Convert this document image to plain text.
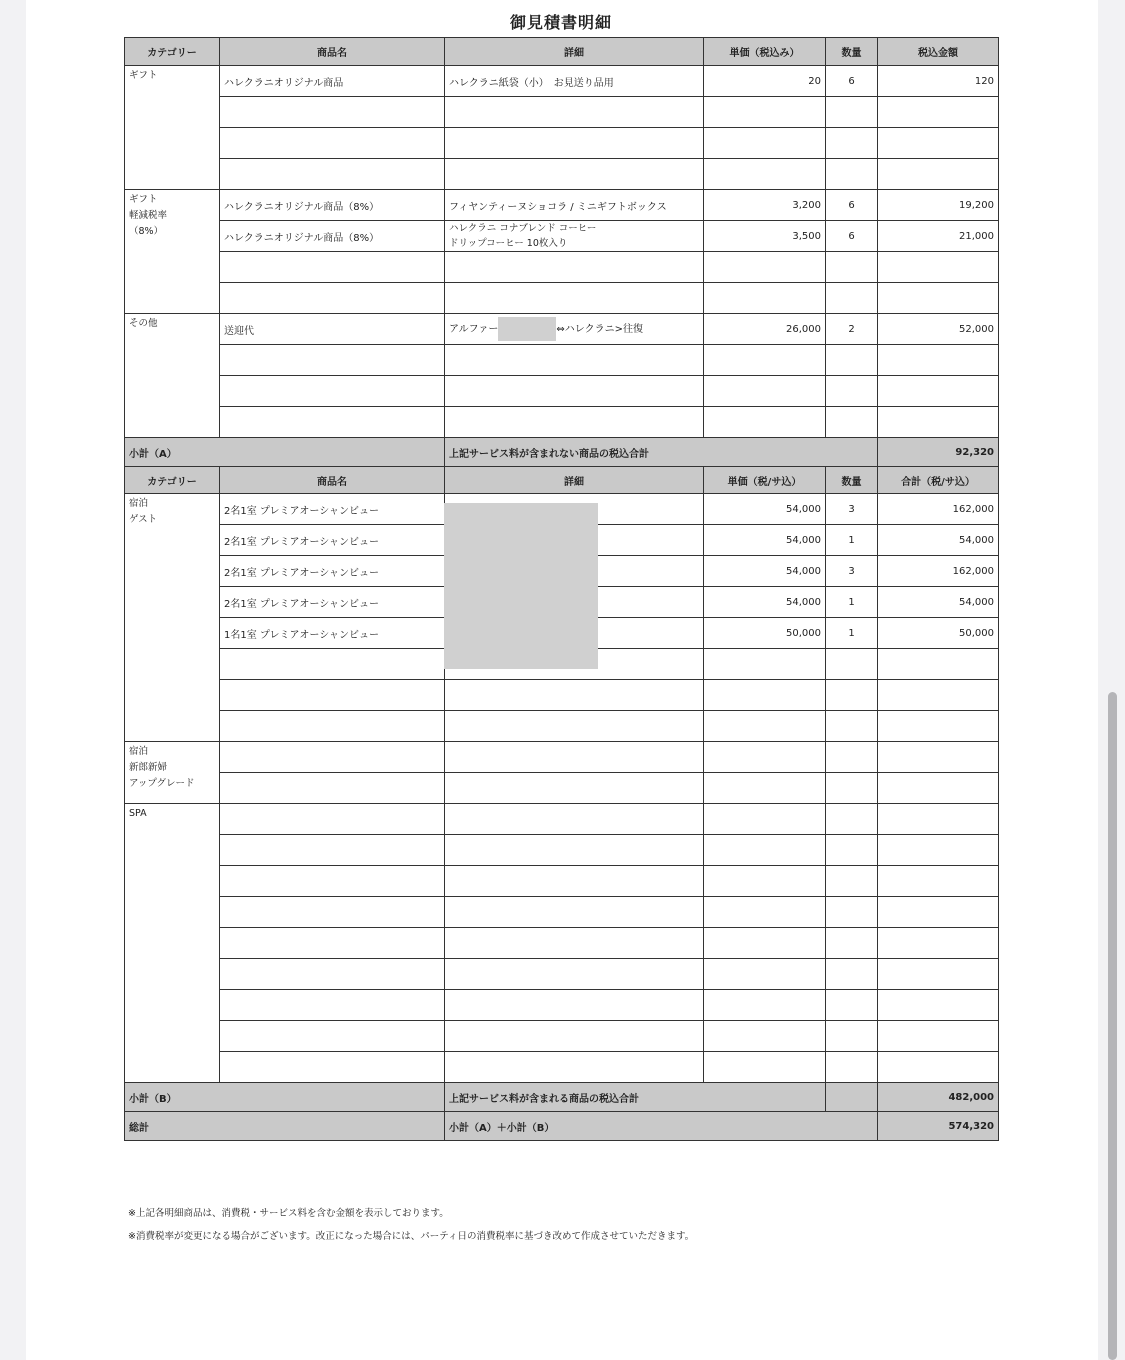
御見積書明細
カテゴリー	商品名	詳細	単価（税込み）	数量	税込金額
ギフト	ハレクラニオリジナル商品	ハレクラニ紙袋（小）　お見送り品用	20	6	120

ギフト
軽減税率
（8%）	ハレクラニオリジナル商品（8%）	フィヤンティーヌショコラ / ミニギフトボックス	3,200	6	19,200
	ハレクラニオリジナル商品（8%）	ハレクラニ コナブレンド コーヒー
ドリップコーヒー 10枚入り	3,500	6	21,000

その他	送迎代	アルファー ⇔ハレクラニ>往復	26,000	2	52,000

小計（A）		上記サービス料が含まれない商品の税込合計			92,320
カテゴリー	商品名	詳細	単価（税/サ込）	数量	合計（税/サ込）
宿泊
ゲスト	2名1室 プレミアオーシャンビュー		54,000	3	162,000
	2名1室 プレミアオーシャンビュー		54,000	1	54,000
	2名1室 プレミアオーシャンビュー		54,000	3	162,000
	2名1室 プレミアオーシャンビュー		54,000	1	54,000
	1名1室 プレミアオーシャンビュー		50,000	1	50,000

宿泊
新郎新婦
アップグレード					

SPA					

小計（B）		上記サービス料が含まれる商品の税込合計			482,000
総計		小計（A）＋小計（B）			574,320
※上記各明細商品は、消費税・サービス料を含む金額を表示しております。
※消費税率が変更になる場合がございます。改正になった場合には、パーティ日の消費税率に基づき改めて作成させていただきます。
